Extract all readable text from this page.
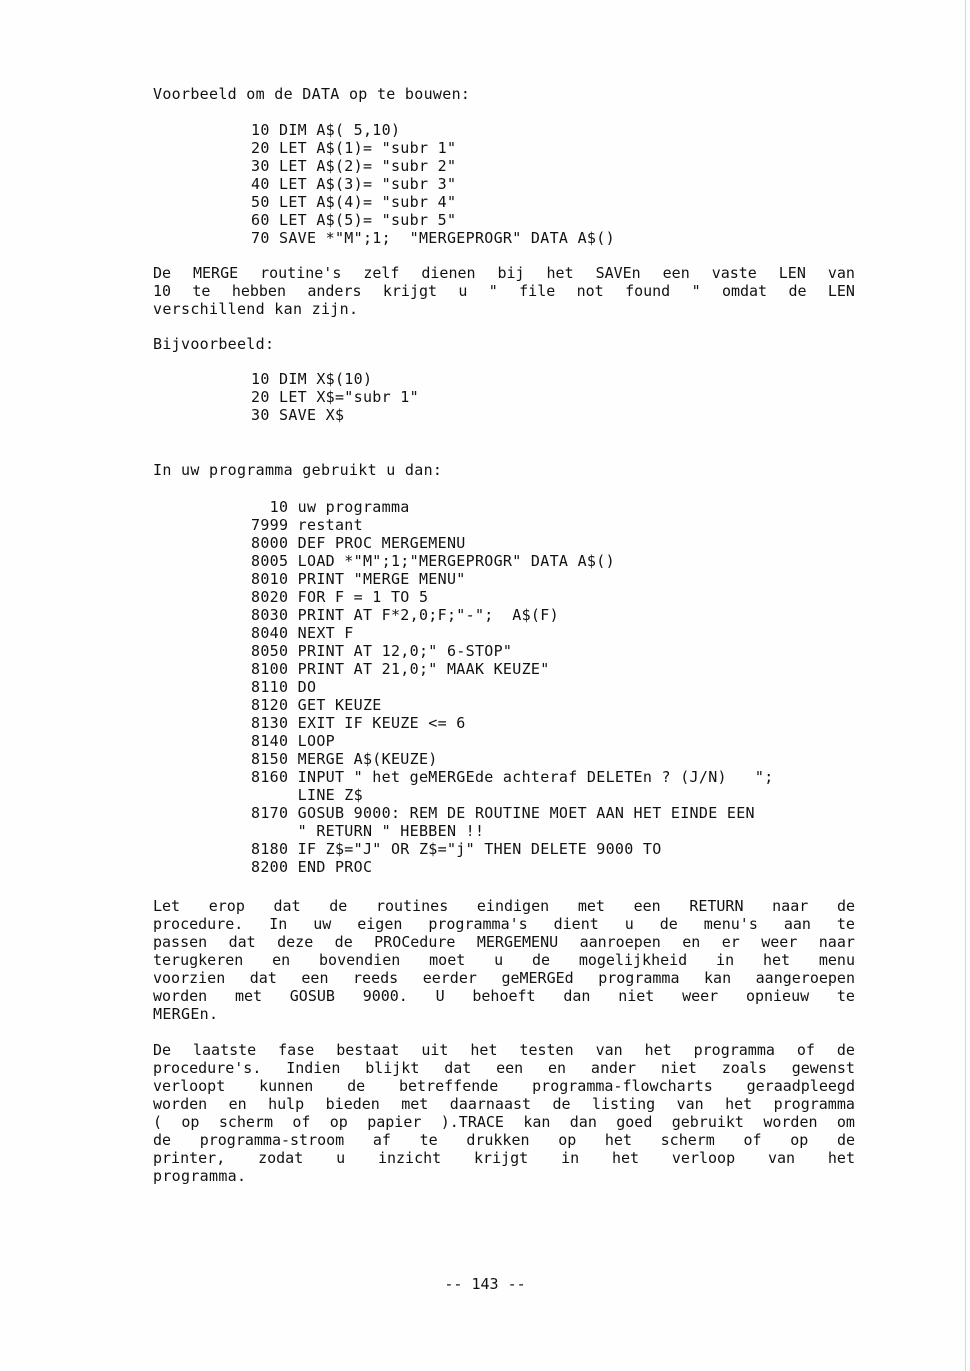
Voorbeeld om de DATA op te bouwen:
10 DIM A$( 5,10)
20 LET A$(1)= "subr 1"
30 LET A$(2)= "subr 2"
40 LET A$(3)= "subr 3"
50 LET A$(4)= "subr 4"
60 LET A$(5)= "subr 5"
70 SAVE *"M";1;  "MERGEPROGR" DATA A$()
De MERGE routine's zelf dienen bij het SAVEn een vaste LEN van
10 te hebben anders krijgt u " file not found " omdat de LEN
verschillend kan zijn.
Bijvoorbeeld:
10 DIM X$(10)
20 LET X$="subr 1"
30 SAVE X$
In uw programma gebruikt u dan:
10 uw programma
7999 restant
8000 DEF PROC MERGEMENU
8005 LOAD *"M";1;"MERGEPROGR" DATA A$()
8010 PRINT "MERGE MENU"
8020 FOR F = 1 TO 5
8030 PRINT AT F*2,0;F;"-";  A$(F)
8040 NEXT F
8050 PRINT AT 12,0;" 6-STOP"
8100 PRINT AT 21,0;" MAAK KEUZE"
8110 DO
8120 GET KEUZE
8130 EXIT IF KEUZE <= 6
8140 LOOP
8150 MERGE A$(KEUZE)
8160 INPUT " het geMERGEde achteraf DELETEn ? (J/N)   ";
LINE Z$
8170 GOSUB 9000: REM DE ROUTINE MOET AAN HET EINDE EEN
" RETURN " HEBBEN !!
8180 IF Z$="J" OR Z$="j" THEN DELETE 9000 TO
8200 END PROC
Let erop dat de routines eindigen met een RETURN naar de
procedure. In uw eigen programma's dient u de menu's aan te
passen dat deze de PROCedure MERGEMENU aanroepen en er weer naar
terugkeren en bovendien moet u de mogelijkheid in het menu
voorzien dat een reeds eerder geMERGEd programma kan aangeroepen
worden met GOSUB 9000. U behoeft dan niet weer opnieuw te
MERGEn.
De laatste fase bestaat uit het testen van het programma of de
procedure's. Indien blijkt dat een en ander niet zoals gewenst
verloopt kunnen de betreffende programma-flowcharts geraadpleegd
worden en hulp bieden met daarnaast de listing van het programma
( op scherm of op papier ).TRACE kan dan goed gebruikt worden om
de programma-stroom af te drukken op het scherm of op de
printer, zodat u inzicht krijgt in het verloop van het
programma.
-- 143 --
